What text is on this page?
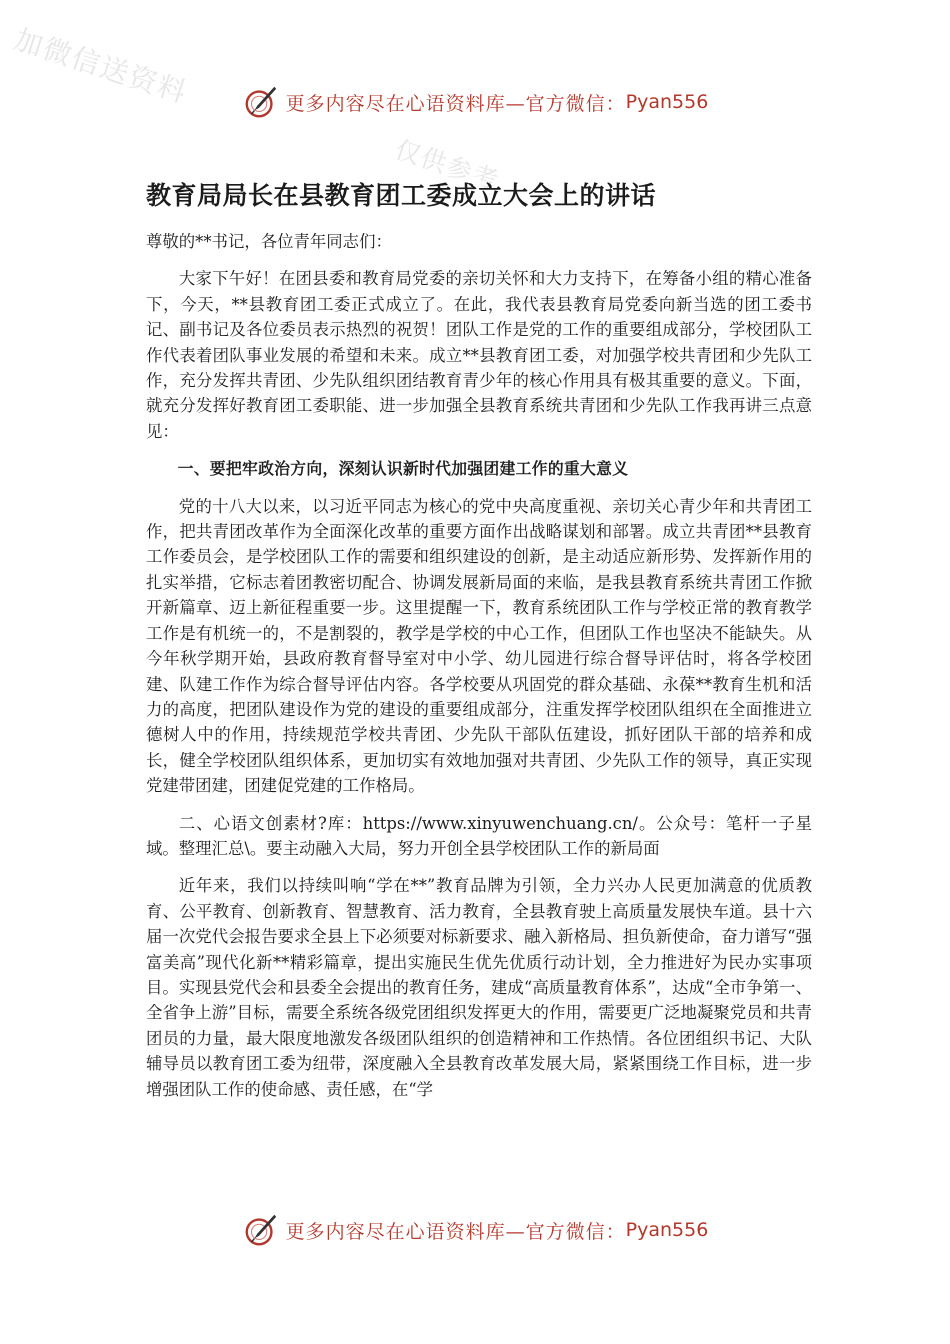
加微信送资料
仅供参考
更多内容尽在心语资料库—官方微信： Pyan556
教育局局长在县教育团工委成立大会上的讲话

尊敬的**书记，各位青年同志们：

大家下午好！在团县委和教育局党委的亲切关怀和大力支持下，在筹备小组的精心准备下，今天，**县教育团工委正式成立了。在此，我代表县教育局党委向新当选的团工委书记、副书记及各位委员表示热烈的祝贺！团队工作是党的工作的重要组成部分，学校团队工作代表着团队事业发展的希望和未来。成立**县教育团工委，对加强学校共青团和少先队工作，充分发挥共青团、少先队组织团结教育青少年的核心作用具有极其重要的意义。下面，就充分发挥好教育团工委职能、进一步加强全县教育系统共青团和少先队工作我再讲三点意见：

一、要把牢政治方向，深刻认识新时代加强团建工作的重大意义

党的十八大以来，以习近平同志为核心的党中央高度重视、亲切关心青少年和共青团工作，把共青团改革作为全面深化改革的重要方面作出战略谋划和部署。成立共青团**县教育工作委员会，是学校团队工作的需要和组织建设的创新，是主动适应新形势、发挥新作用的扎实举措，它标志着团教密切配合、协调发展新局面的来临，是我县教育系统共青团工作掀开新篇章、迈上新征程重要一步。这里提醒一下，教育系统团队工作与学校正常的教育教学工作是有机统一的，不是割裂的，教学是学校的中心工作，但团队工作也坚决不能缺失。从今年秋学期开始，县政府教育督导室对中小学、幼儿园进行综合督导评估时，将各学校团建、队建工作作为综合督导评估内容。各学校要从巩固党的群众基础、永葆**教育生机和活力的高度，把团队建设作为党的建设的重要组成部分，注重发挥学校团队组织在全面推进立德树人中的作用，持续规范学校共青团、少先队干部队伍建设，抓好团队干部的培养和成长，健全学校团队组织体系，更加切实有效地加强对共青团、少先队工作的领导，真正实现党建带团建，团建促党建的工作格局。

二、心语文创素材?库：https://www.xinyuwenchuang.cn/。公众号：笔杆一子星域。整理汇总\。要主动融入大局，努力开创全县学校团队工作的新局面

近年来，我们以持续叫响“学在**”教育品牌为引领，全力兴办人民更加满意的优质教育、公平教育、创新教育、智慧教育、活力教育，全县教育驶上高质量发展快车道。县十六届一次党代会报告要求全县上下必须要对标新要求、融入新格局、担负新使命，奋力谱写“强富美高”现代化新**精彩篇章，提出实施民生优先优质行动计划，全力推进好为民办实事项目。实现县党代会和县委全会提出的教育任务，建成“高质量教育体系”，达成“全市争第一、全省争上游”目标，需要全系统各级党团组织发挥更大的作用，需要更广泛地凝聚党员和共青团员的力量，最大限度地激发各级团队组织的创造精神和工作热情。各位团组织书记、大队辅导员以教育团工委为纽带，深度融入全县教育改革发展大局，紧紧围绕工作目标，进一步增强团队工作的使命感、责任感，在“学

更多内容尽在心语资料库—官方微信： Pyan556
